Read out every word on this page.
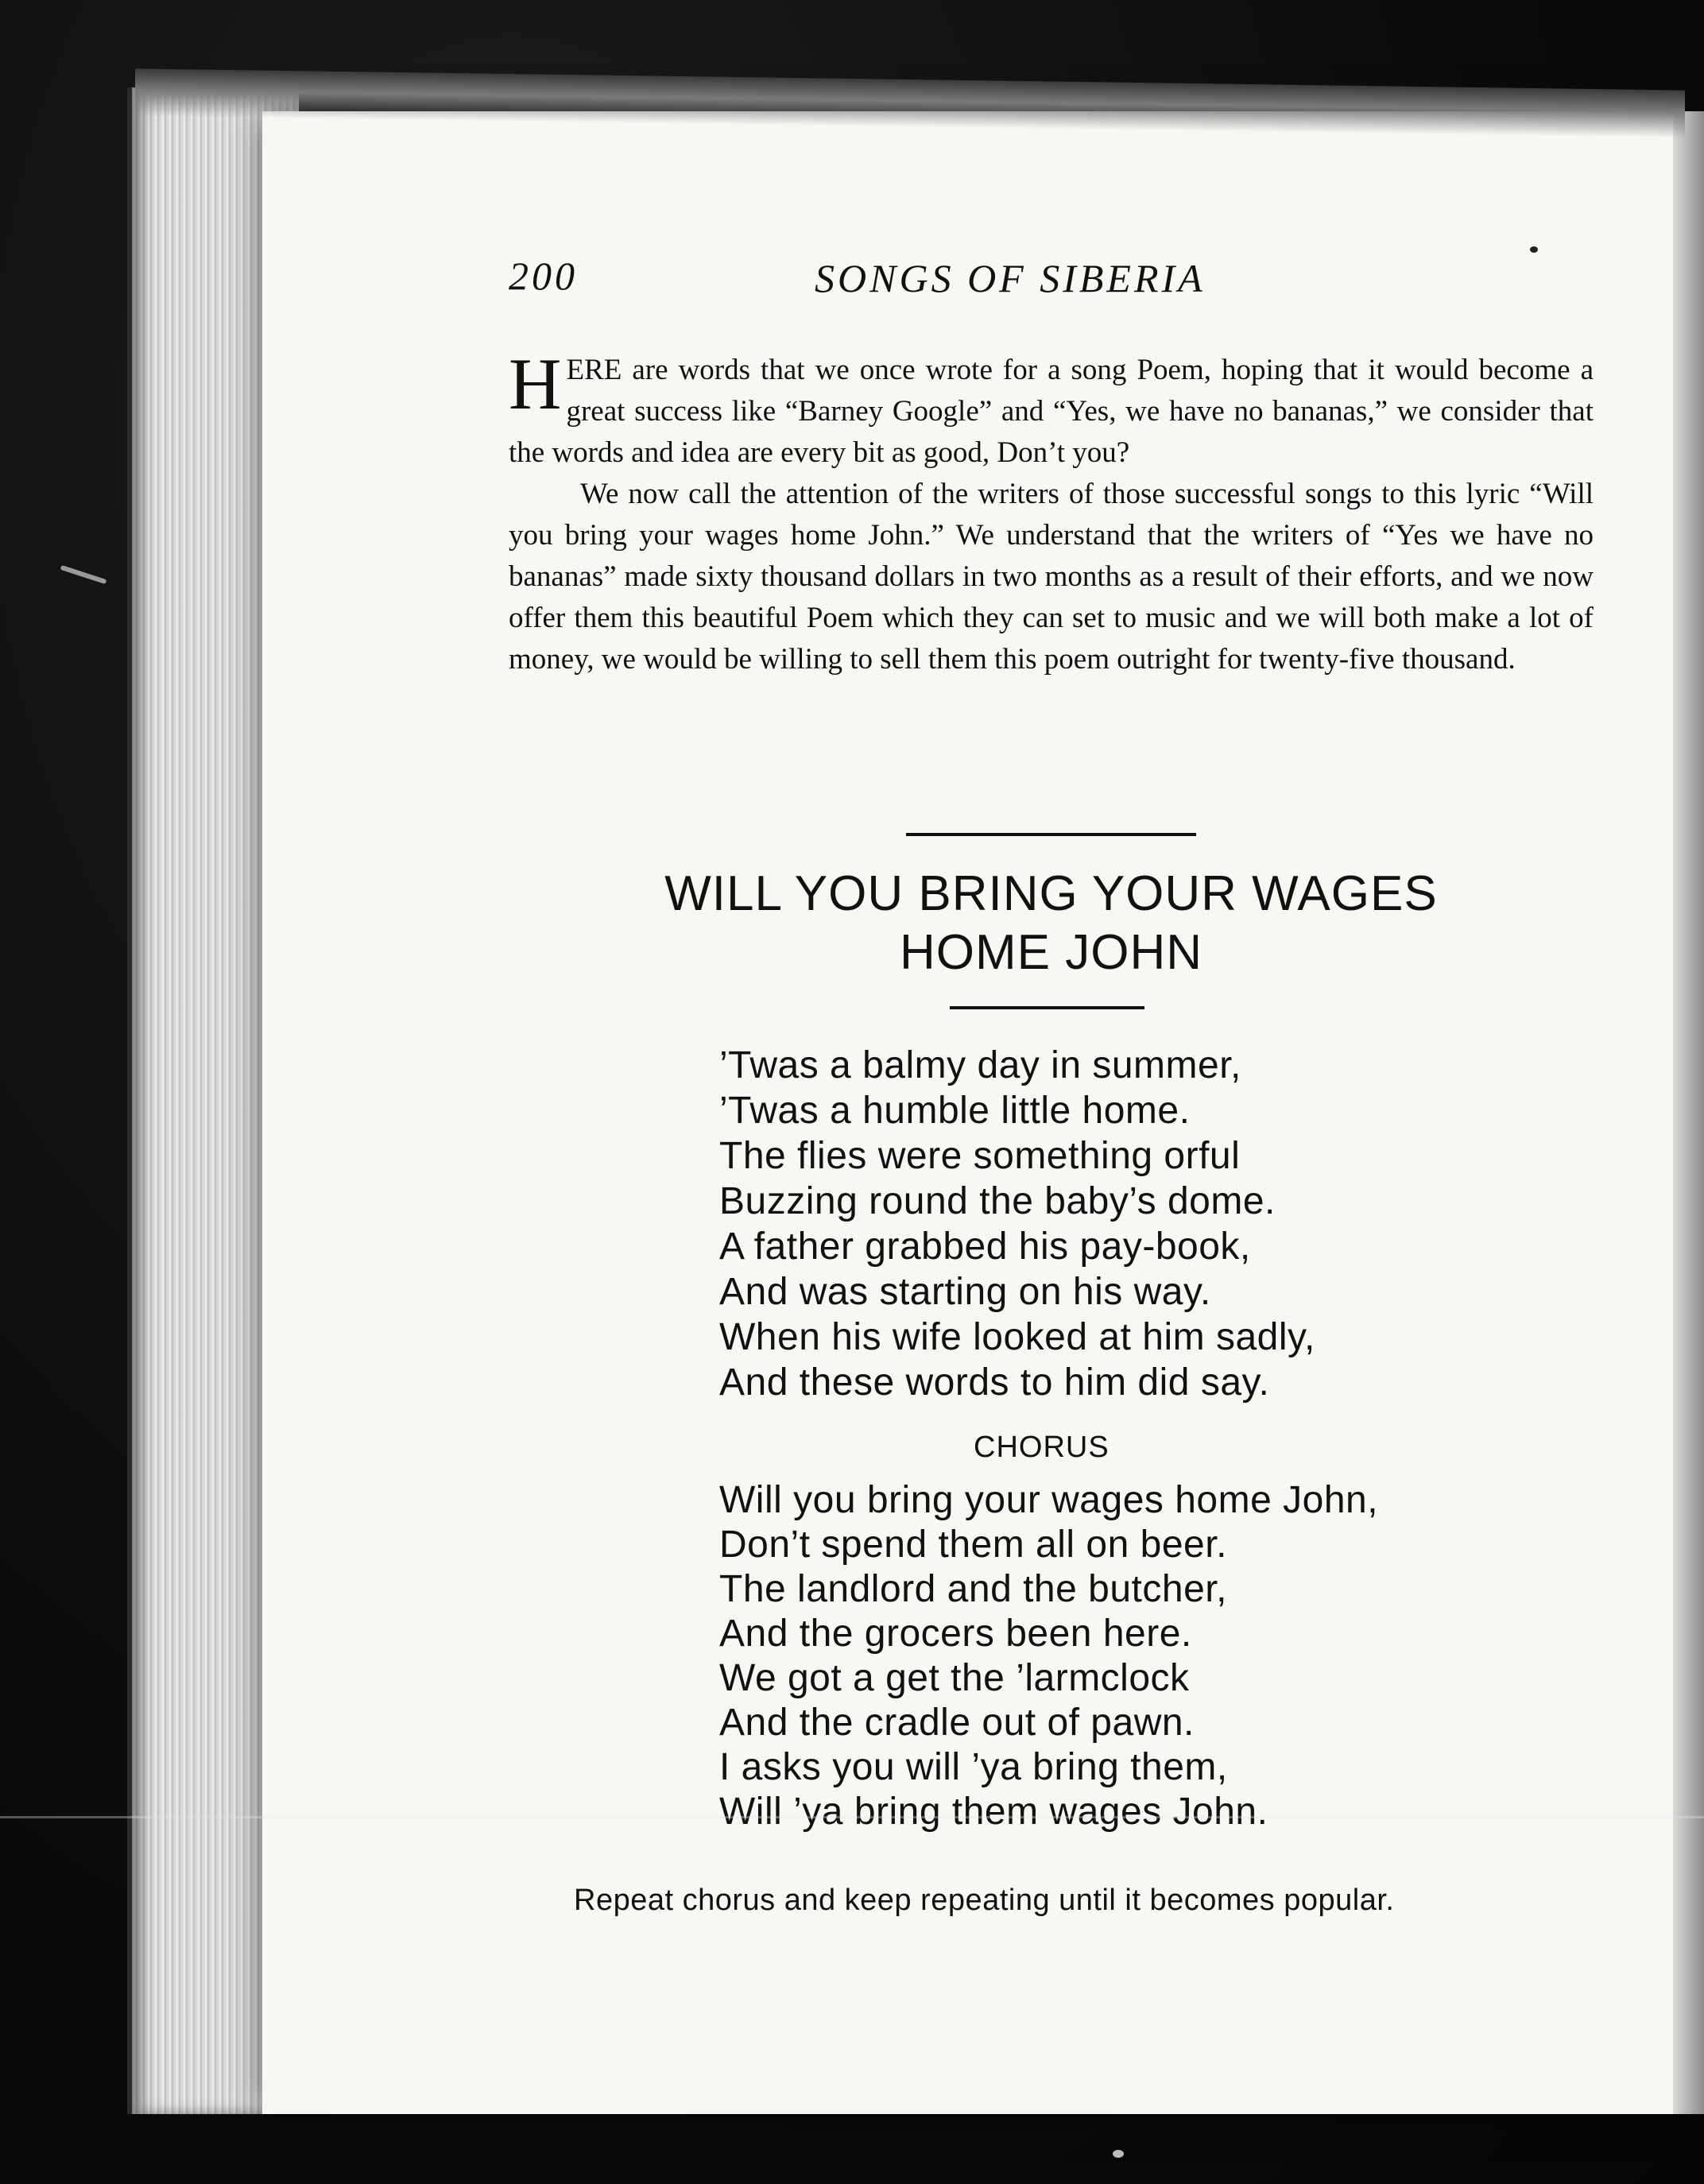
200	SONGS OF SIBERIA

HERE are words that we once wrote for a song Poem, hoping that it would become a great success like “Barney Google” and “Yes, we have no bananas,” we consider that the words and idea are every bit as good, Don’t you?

We now call the attention of the writers of those successful songs to this lyric “Will you bring your wages home John.” We understand that the writers of “Yes we have no bananas” made sixty thousand dollars in two months as a result of their efforts, and we now offer them this beautiful Poem which they can set to music and we will both make a lot of money, we would be willing to sell them this poem outright for twenty-five thousand.

WILL YOU BRING YOUR WAGES
HOME JOHN
’Twas a balmy day in summer,
’Twas a humble little home.
The flies were something orful
Buzzing round the baby’s dome.
A father grabbed his pay-book,
And was starting on his way.
When his wife looked at him sadly,
And these words to him did say.
CHORUS
Will you bring your wages home John,
Don’t spend them all on beer.
The landlord and the butcher,
And the grocers been here.
We got a get the ’larmclock
And the cradle out of pawn.
I asks you will ’ya bring them,
Will ’ya bring them wages John.
Repeat chorus and keep repeating until it becomes popular.
